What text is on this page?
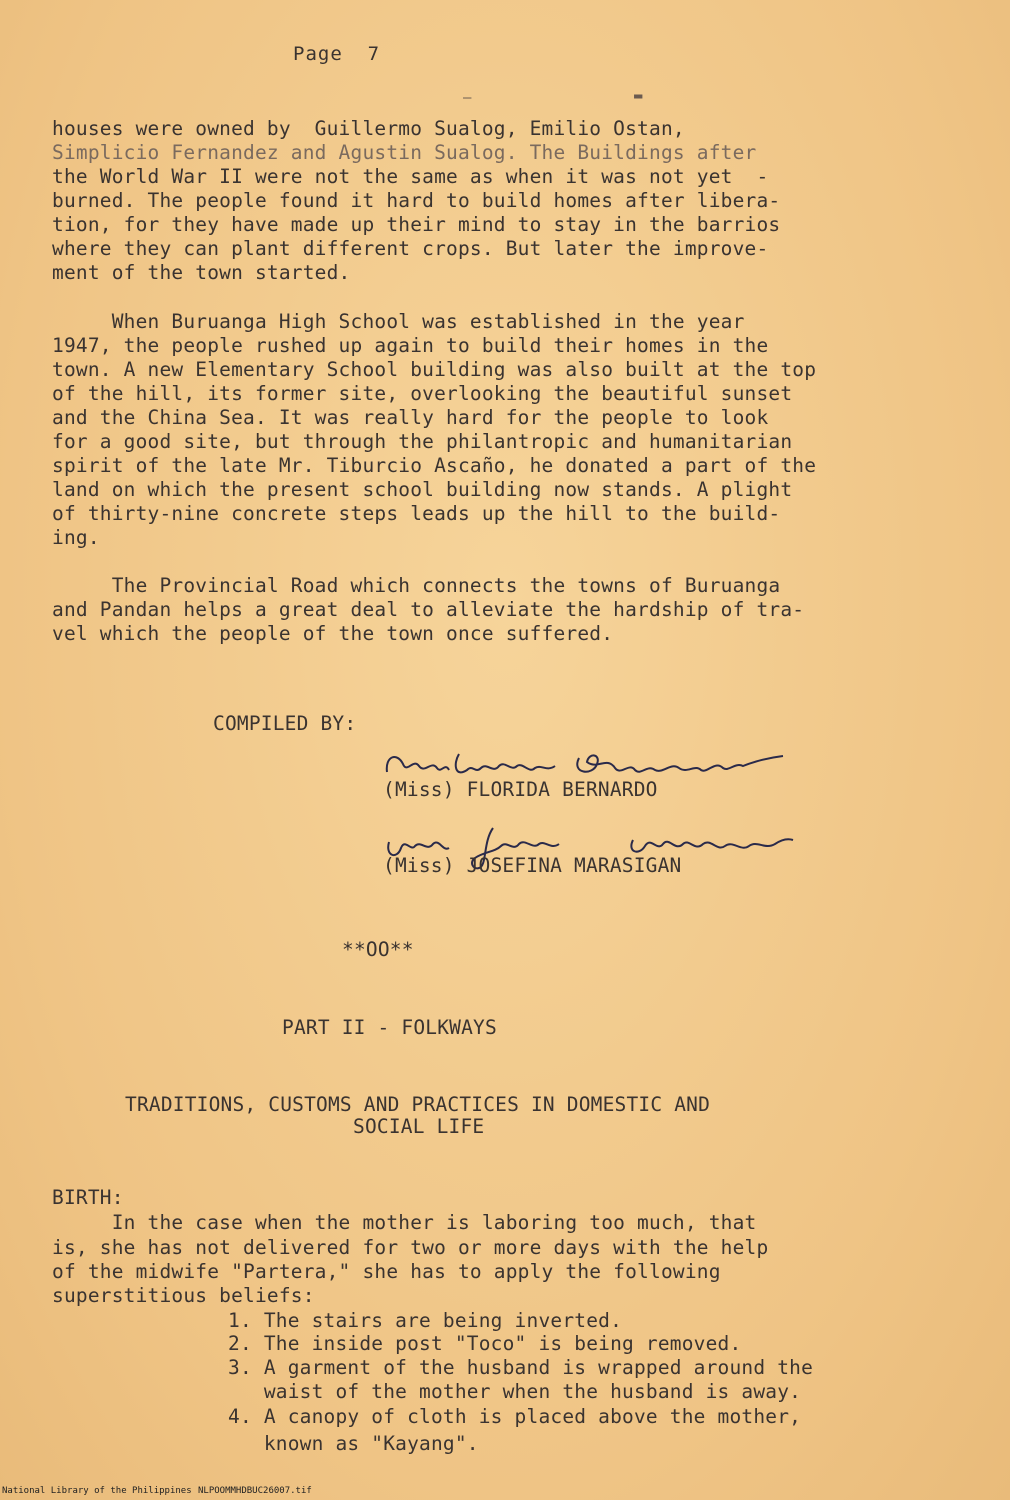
Page  7
–	▬
houses were owned by  Guillermo Sualog, Emilio Ostan,
Simplicio Fernandez and Agustin Sualog. The Buildings after
the World War II were not the same as when it was not yet  -
burned. The people found it hard to build homes after libera-
tion, for they have made up their mind to stay in the barrios
where they can plant different crops. But later the improve-
ment of the town started.
When Buruanga High School was established in the year
1947, the people rushed up again to build their homes in the
town. A new Elementary School building was also built at the top
of the hill, its former site, overlooking the beautiful sunset
and the China Sea. It was really hard for the people to look
for a good site, but through the philantropic and humanitarian
spirit of the late Mr. Tiburcio Ascaño, he donated a part of the
land on which the present school building now stands. A plight
of thirty-nine concrete steps leads up the hill to the build-
ing.
The Provincial Road which connects the towns of Buruanga
and Pandan helps a great deal to alleviate the hardship of tra-
vel which the people of the town once suffered.
COMPILED BY:
(Miss) FLORIDA BERNARDO
(Miss) JOSEFINA MARASIGAN
**OO**
PART II - FOLKWAYS
TRADITIONS, CUSTOMS AND PRACTICES IN DOMESTIC AND
SOCIAL LIFE
BIRTH:
In the case when the mother is laboring too much, that
is, she has not delivered for two or more days with the help
of the midwife "Partera," she has to apply the following
superstitious beliefs:
1. The stairs are being inverted.
2. The inside post "Toco" is being removed.
3. A garment of the husband is wrapped around the
waist of the mother when the husband is away.
4. A canopy of cloth is placed above the mother,
known as "Kayang".
National Library of the Philippines NLPOOMMHDBUC26007.tif
